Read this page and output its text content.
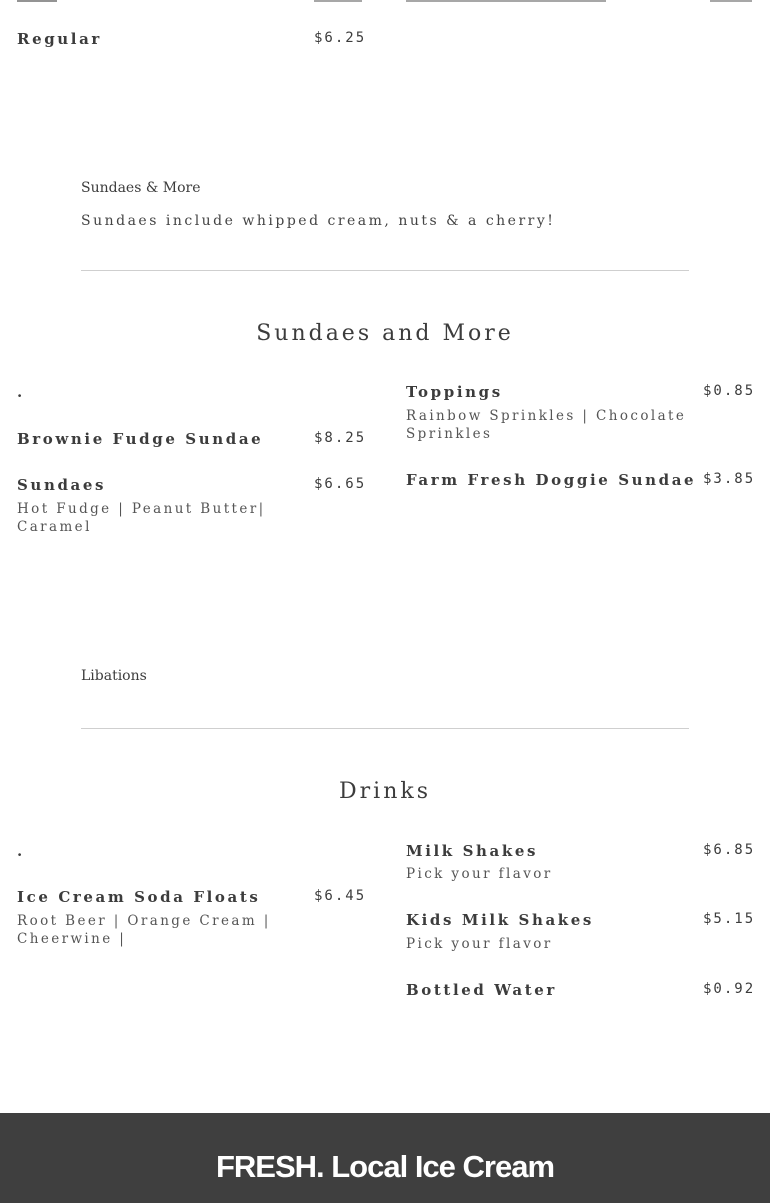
Regular	$6.25
Sundaes & More
Sundaes include whipped cream, nuts & a cherry!
Sundaes and More
.
Brownie Fudge Sundae	$8.25
Sundaes	$6.65
Hot Fudge | Peanut Butter| Caramel
Toppings	$0.85
Rainbow Sprinkles | Chocolate Sprinkles
Farm Fresh Doggie Sundae $3.85
Libations
Drinks
.
Ice Cream Soda Floats	$6.45
Root Beer | Orange Cream | Cheerwine |
Milk Shakes	$6.85
Pick your flavor
Kids Milk Shakes	$5.15
Pick your flavor
Bottled Water	$0.92
FRESH. Local Ice Cream
